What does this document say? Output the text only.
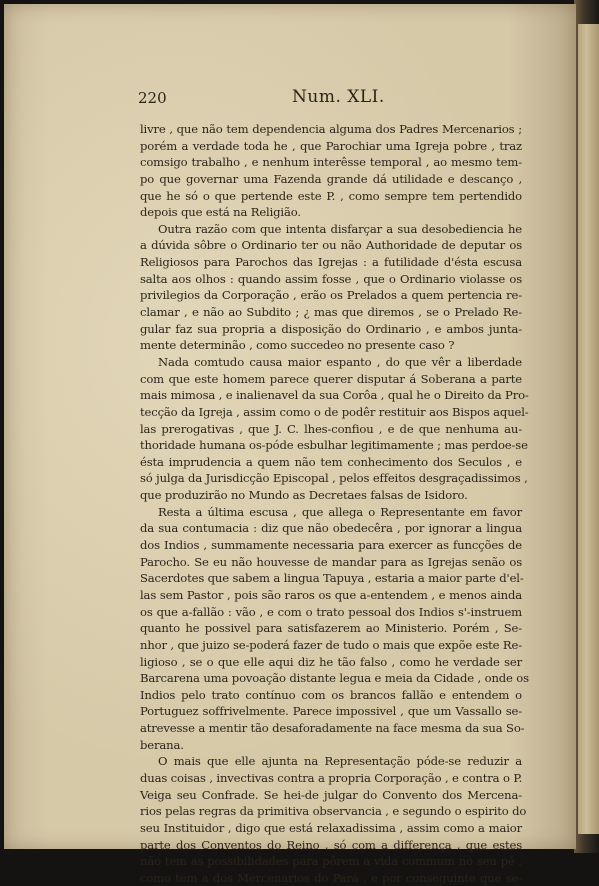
220	Num. XLI.
livre , que não tem dependencia alguma dos Padres Mercenarios ;
porém a verdade toda he , que Parochiar uma Igreja pobre , traz
comsigo trabalho , e nenhum interêsse temporal , ao mesmo tem-
po que governar uma Fazenda grande dá utilidade e descanço ,
que he só o que pertende este P. , como sempre tem pertendido
depois que está na Religião.
Outra razão com que intenta disfarçar a sua desobediencia he
a dúvida sôbre o Ordinario ter ou não Authoridade de deputar os
Religiosos para Parochos das Igrejas : a futilidade d'ésta escusa
salta aos olhos : quando assim fosse , que o Ordinario violasse os
privilegios da Corporação , erão os Prelados a quem pertencia re-
clamar , e não ao Subdito ; ¿ mas que diremos , se o Prelado Re-
gular faz sua propria a disposição do Ordinario , e ambos junta-
mente determinão , como succedeo no presente caso ?
Nada comtudo causa maior espanto , do que vêr a liberdade
com que este homem parece querer disputar á Soberana a parte
mais mimosa , e inalienavel da sua Corôa , qual he o Direito da Pro-
tecção da Igreja , assim como o de podêr restituir aos Bispos aquel-
las prerogativas , que J. C. lhes-confiou , e de que nenhuma au-
thoridade humana os-póde esbulhar legitimamente ; mas perdoe-se
ésta imprudencia a quem não tem conhecimento dos Seculos , e
só julga da Jurisdicção Episcopal , pelos effeitos desgraçadissimos ,
que produzirão no Mundo as Decretaes falsas de Isidoro.
Resta a última escusa , que allega o Representante em favor
da sua contumacia : diz que não obedecêra , por ignorar a lingua
dos Indios , summamente necessaria para exercer as funcções de
Parocho. Se eu não houvesse de mandar para as Igrejas senão os
Sacerdotes que sabem a lingua Tapuya , estaria a maior parte d'el-
las sem Pastor , pois são raros os que a-entendem , e menos ainda
os que a-fallão : vão , e com o trato pessoal dos Indios s'-instruem
quanto he possivel para satisfazerem ao Ministerio. Porém , Se-
nhor , que juizo se-poderá fazer de tudo o mais que expõe este Re-
ligioso , se o que elle aqui diz he tão falso , como he verdade ser
Barcarena uma povoação distante legua e meia da Cidade , onde os
Indios pelo trato contínuo com os brancos fallão e entendem o
Portuguez soffrivelmente. Parece impossivel , que um Vassallo se-
atrevesse a mentir tão desaforadamente na face mesma da sua So-
berana.
O mais que elle ajunta na Representação póde-se reduzir a
duas coisas , invectivas contra a propria Corporação , e contra o P.
Veiga seu Confrade. Se hei-de julgar do Convento dos Mercena-
rios pelas regras da primitiva observancia , e segundo o espirito do
seu Instituidor , digo que está relaxadissima , assim como a maior
parte dos Conventos do Reino , só com a differença , que estes
não tem as possibilidades para pôrem a vida commum no seu pé ,
como tem a dos Mercenarios do Pará , e por conseguinte que se-
